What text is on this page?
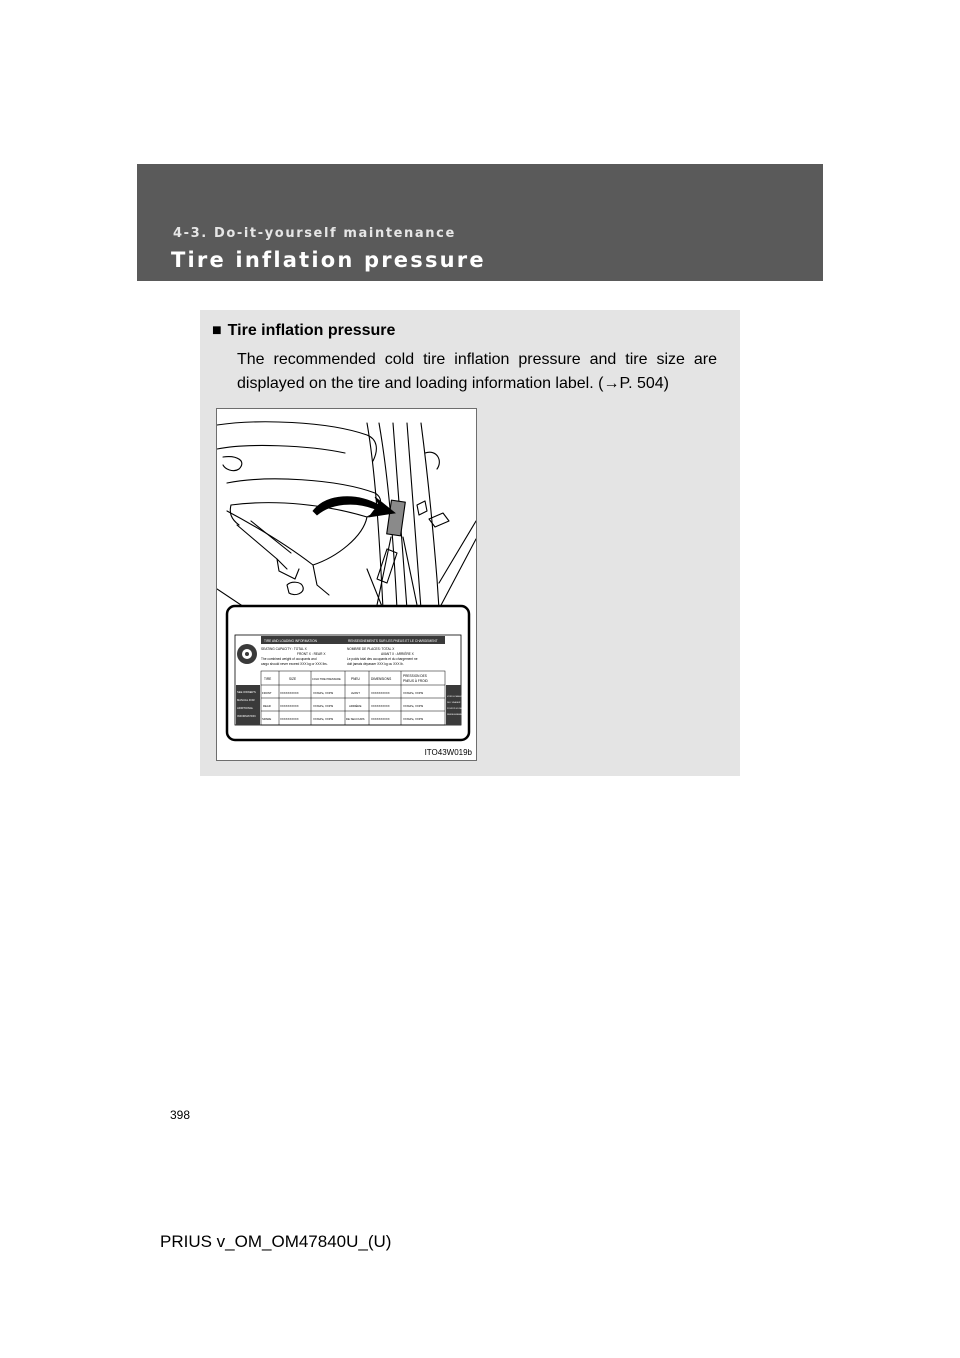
4-3. Do-it-yourself maintenance
Tire inflation pressure
■ Tire inflation pressure
The recommended cold tire inflation pressure and tire size are displayed on the tire and loading information label. (→P. 504)
TIRE AND LOADING INFORMATION	RENSEIGNEMENTS SUR LES PNEUS ET LE CHARGEMENT
SEATING CAPACITY : TOTAL X
FRONT X : REAR X
The combined weight of occupants and
cargo should never exceed XXX kg or XXX lbs.
NOMBRE DE PLACES: TOTAL X
AVANT X : ARRIÈRE X
Le poids total des occupants et du chargement ne
doit jamais dépasser XXX kg ou XXX lb.
TIRE	SIZE	COLD TIRE PRESSURE	PNEU	DIMENSIONS
PRESSION DES
PNEUS À FROID
SEE OWNER'S
MANUAL FOR
ADDITIONAL
INFORMATION
VOIR LE MANUEL
DE L'USAGER
POUR PLUS DE
RENSEIGNEMENTS
FRONT	XXXXXXXXXX	XXXkPa, XXPSI	AVANT	XXXXXXXXXX	XXXkPa, XXPSI
REAR	XXXXXXXXXX	XXXkPa, XXPSI	ARRIÈRE	XXXXXXXXXX	XXXkPa, XXPSI
SPARE	XXXXXXXXXX	XXXkPa, XXPSI	DE SECOURS XXXXXXXXXX	XXXkPa, XXPSI
ITO43W019b
398
PRIUS v_OM_OM47840U_(U)
